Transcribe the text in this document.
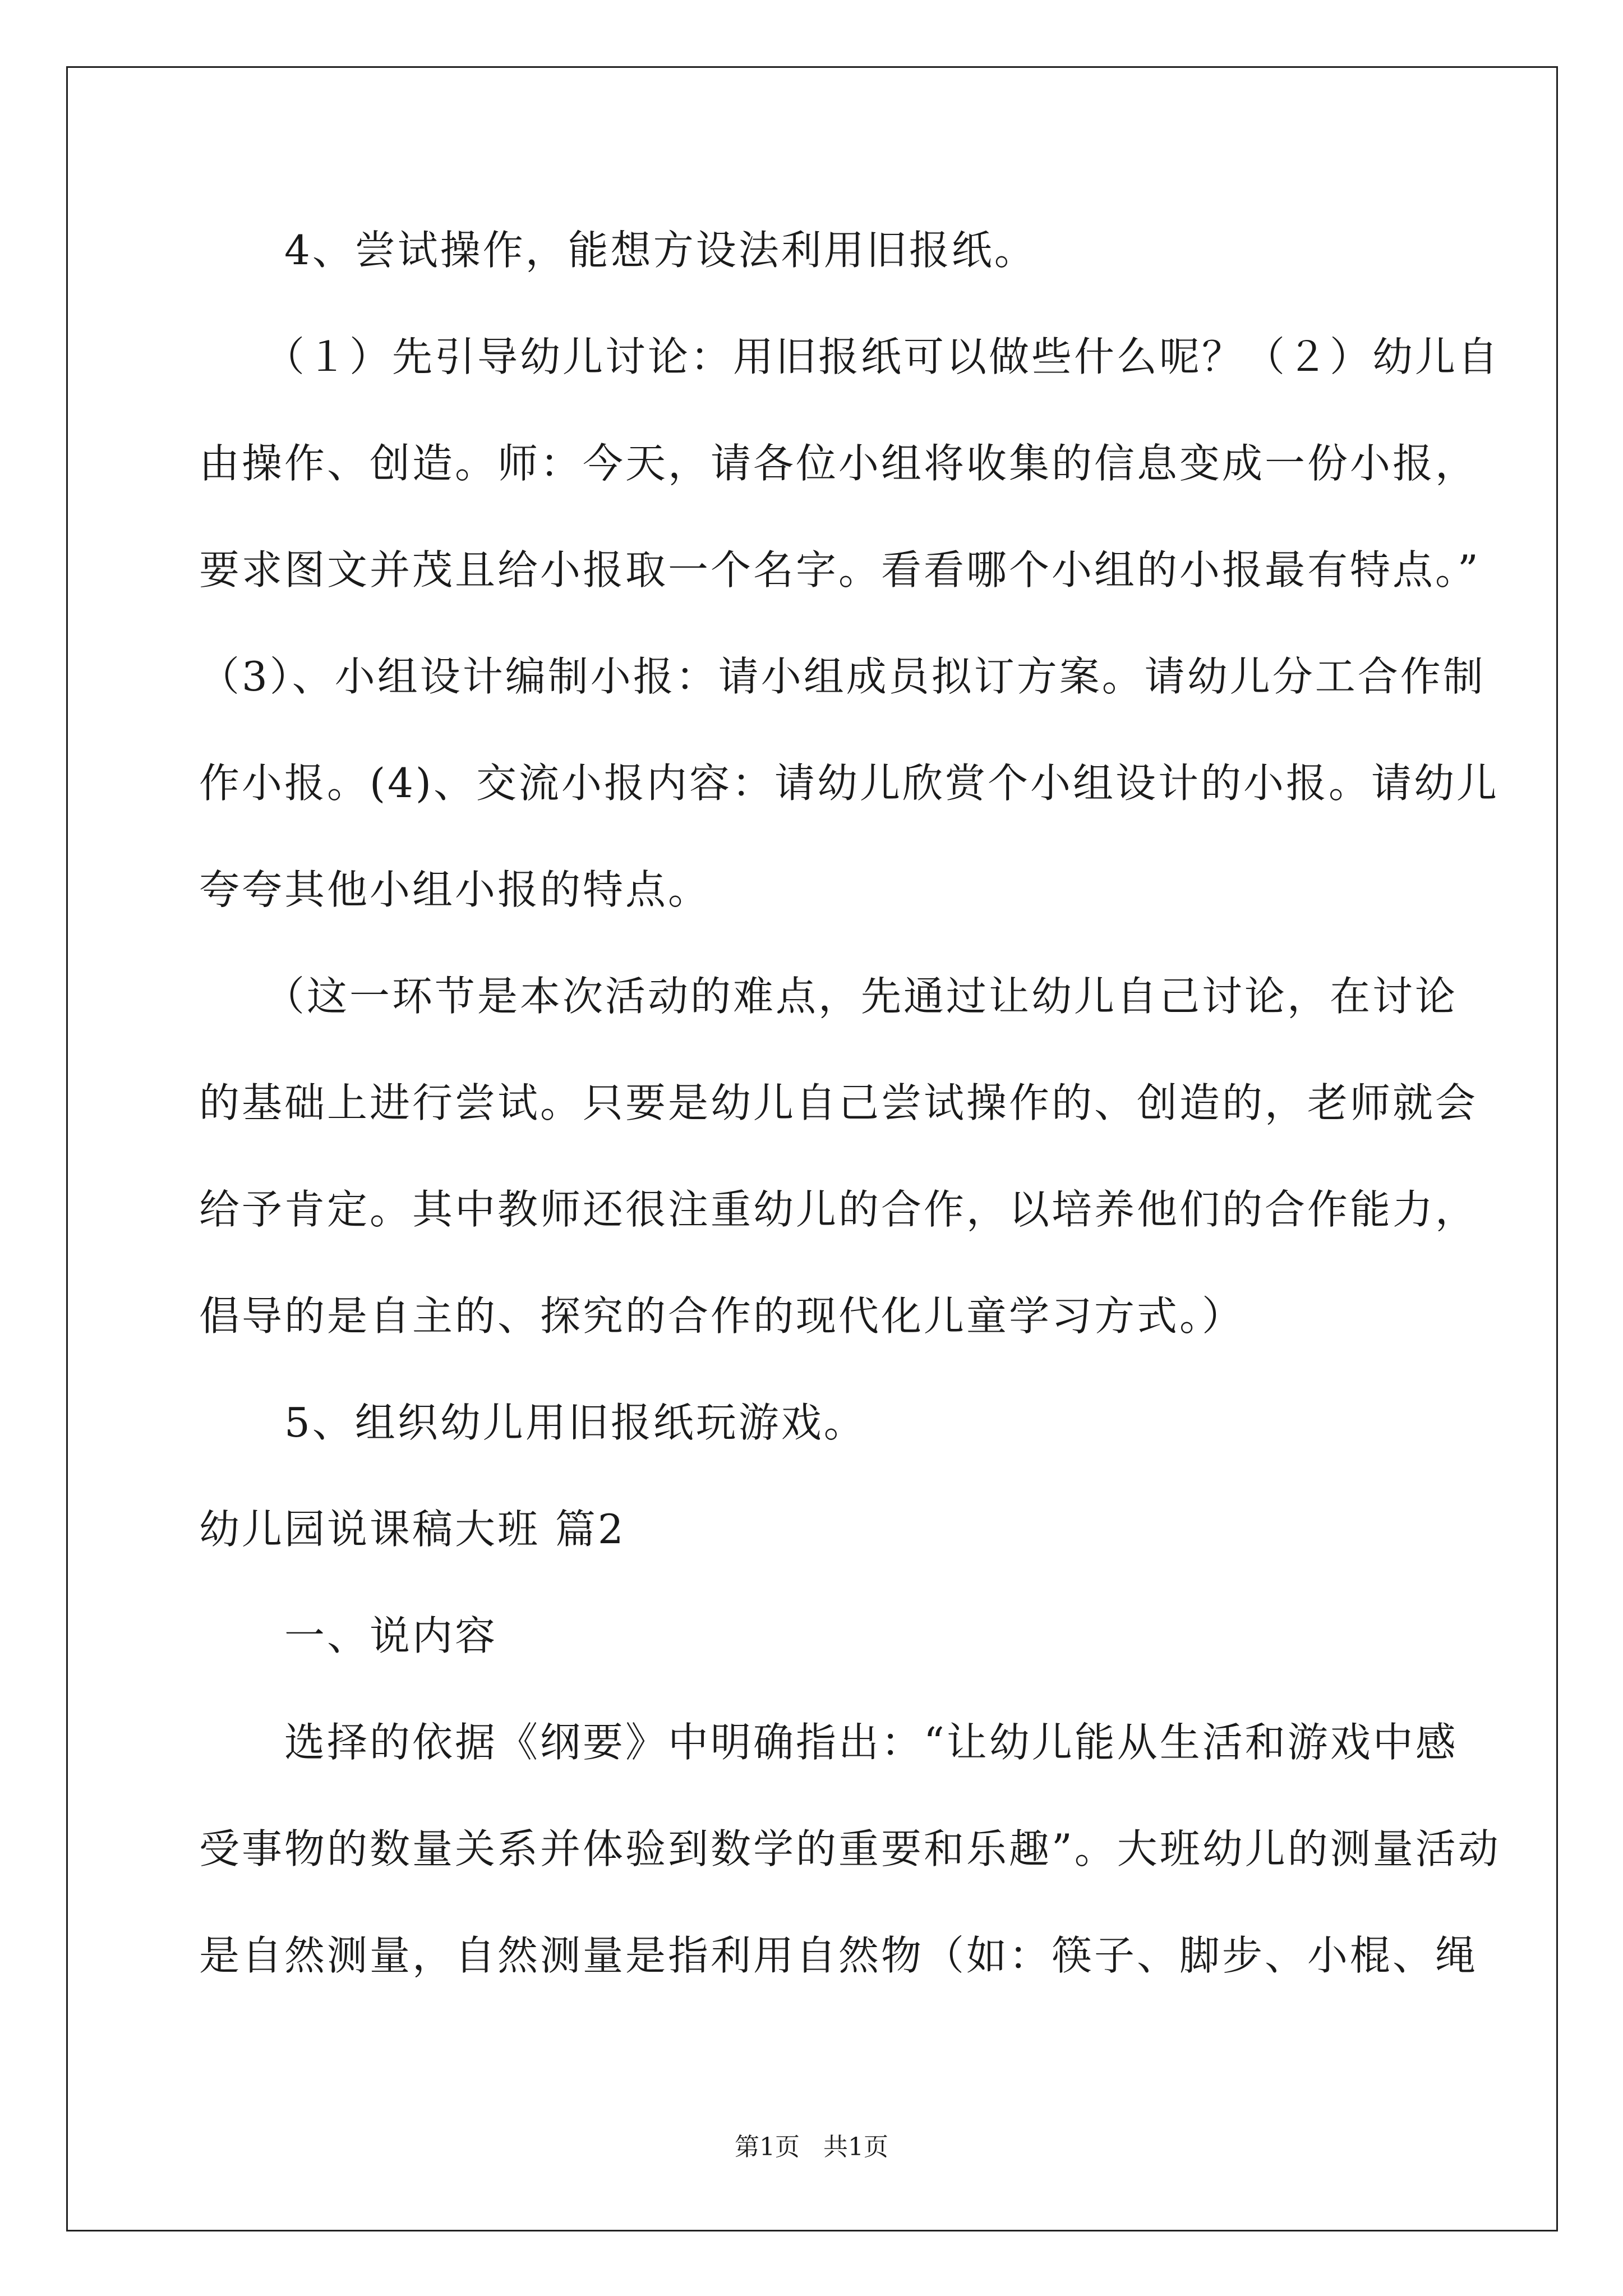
　　4、尝试操作，能想方设法利用旧报纸。
　　（１）先引导幼儿讨论：用旧报纸可以做些什么呢？（２）幼儿自
由操作、创造。师：今天，请各位小组将收集的信息变成一份小报，
要求图文并茂且给小报取一个名字。看看哪个小组的小报最有特点。”
（3）、小组设计编制小报：请小组成员拟订方案。请幼儿分工合作制
作小报。(4)、交流小报内容：请幼儿欣赏个小组设计的小报。请幼儿
夸夸其他小组小报的特点。
　　（这一环节是本次活动的难点，先通过让幼儿自己讨论，在讨论
的基础上进行尝试。只要是幼儿自己尝试操作的、创造的，老师就会
给予肯定。其中教师还很注重幼儿的合作，以培养他们的合作能力，
倡导的是自主的、探究的合作的现代化儿童学习方式。）
　　5、组织幼儿用旧报纸玩游戏。
幼儿园说课稿大班 篇2
　　一、说内容
　　选择的依据《纲要》中明确指出：“让幼儿能从生活和游戏中感
受事物的数量关系并体验到数学的重要和乐趣”。大班幼儿的测量活动
是自然测量，自然测量是指利用自然物（如：筷子、脚步、小棍、绳
第1页 共1页
